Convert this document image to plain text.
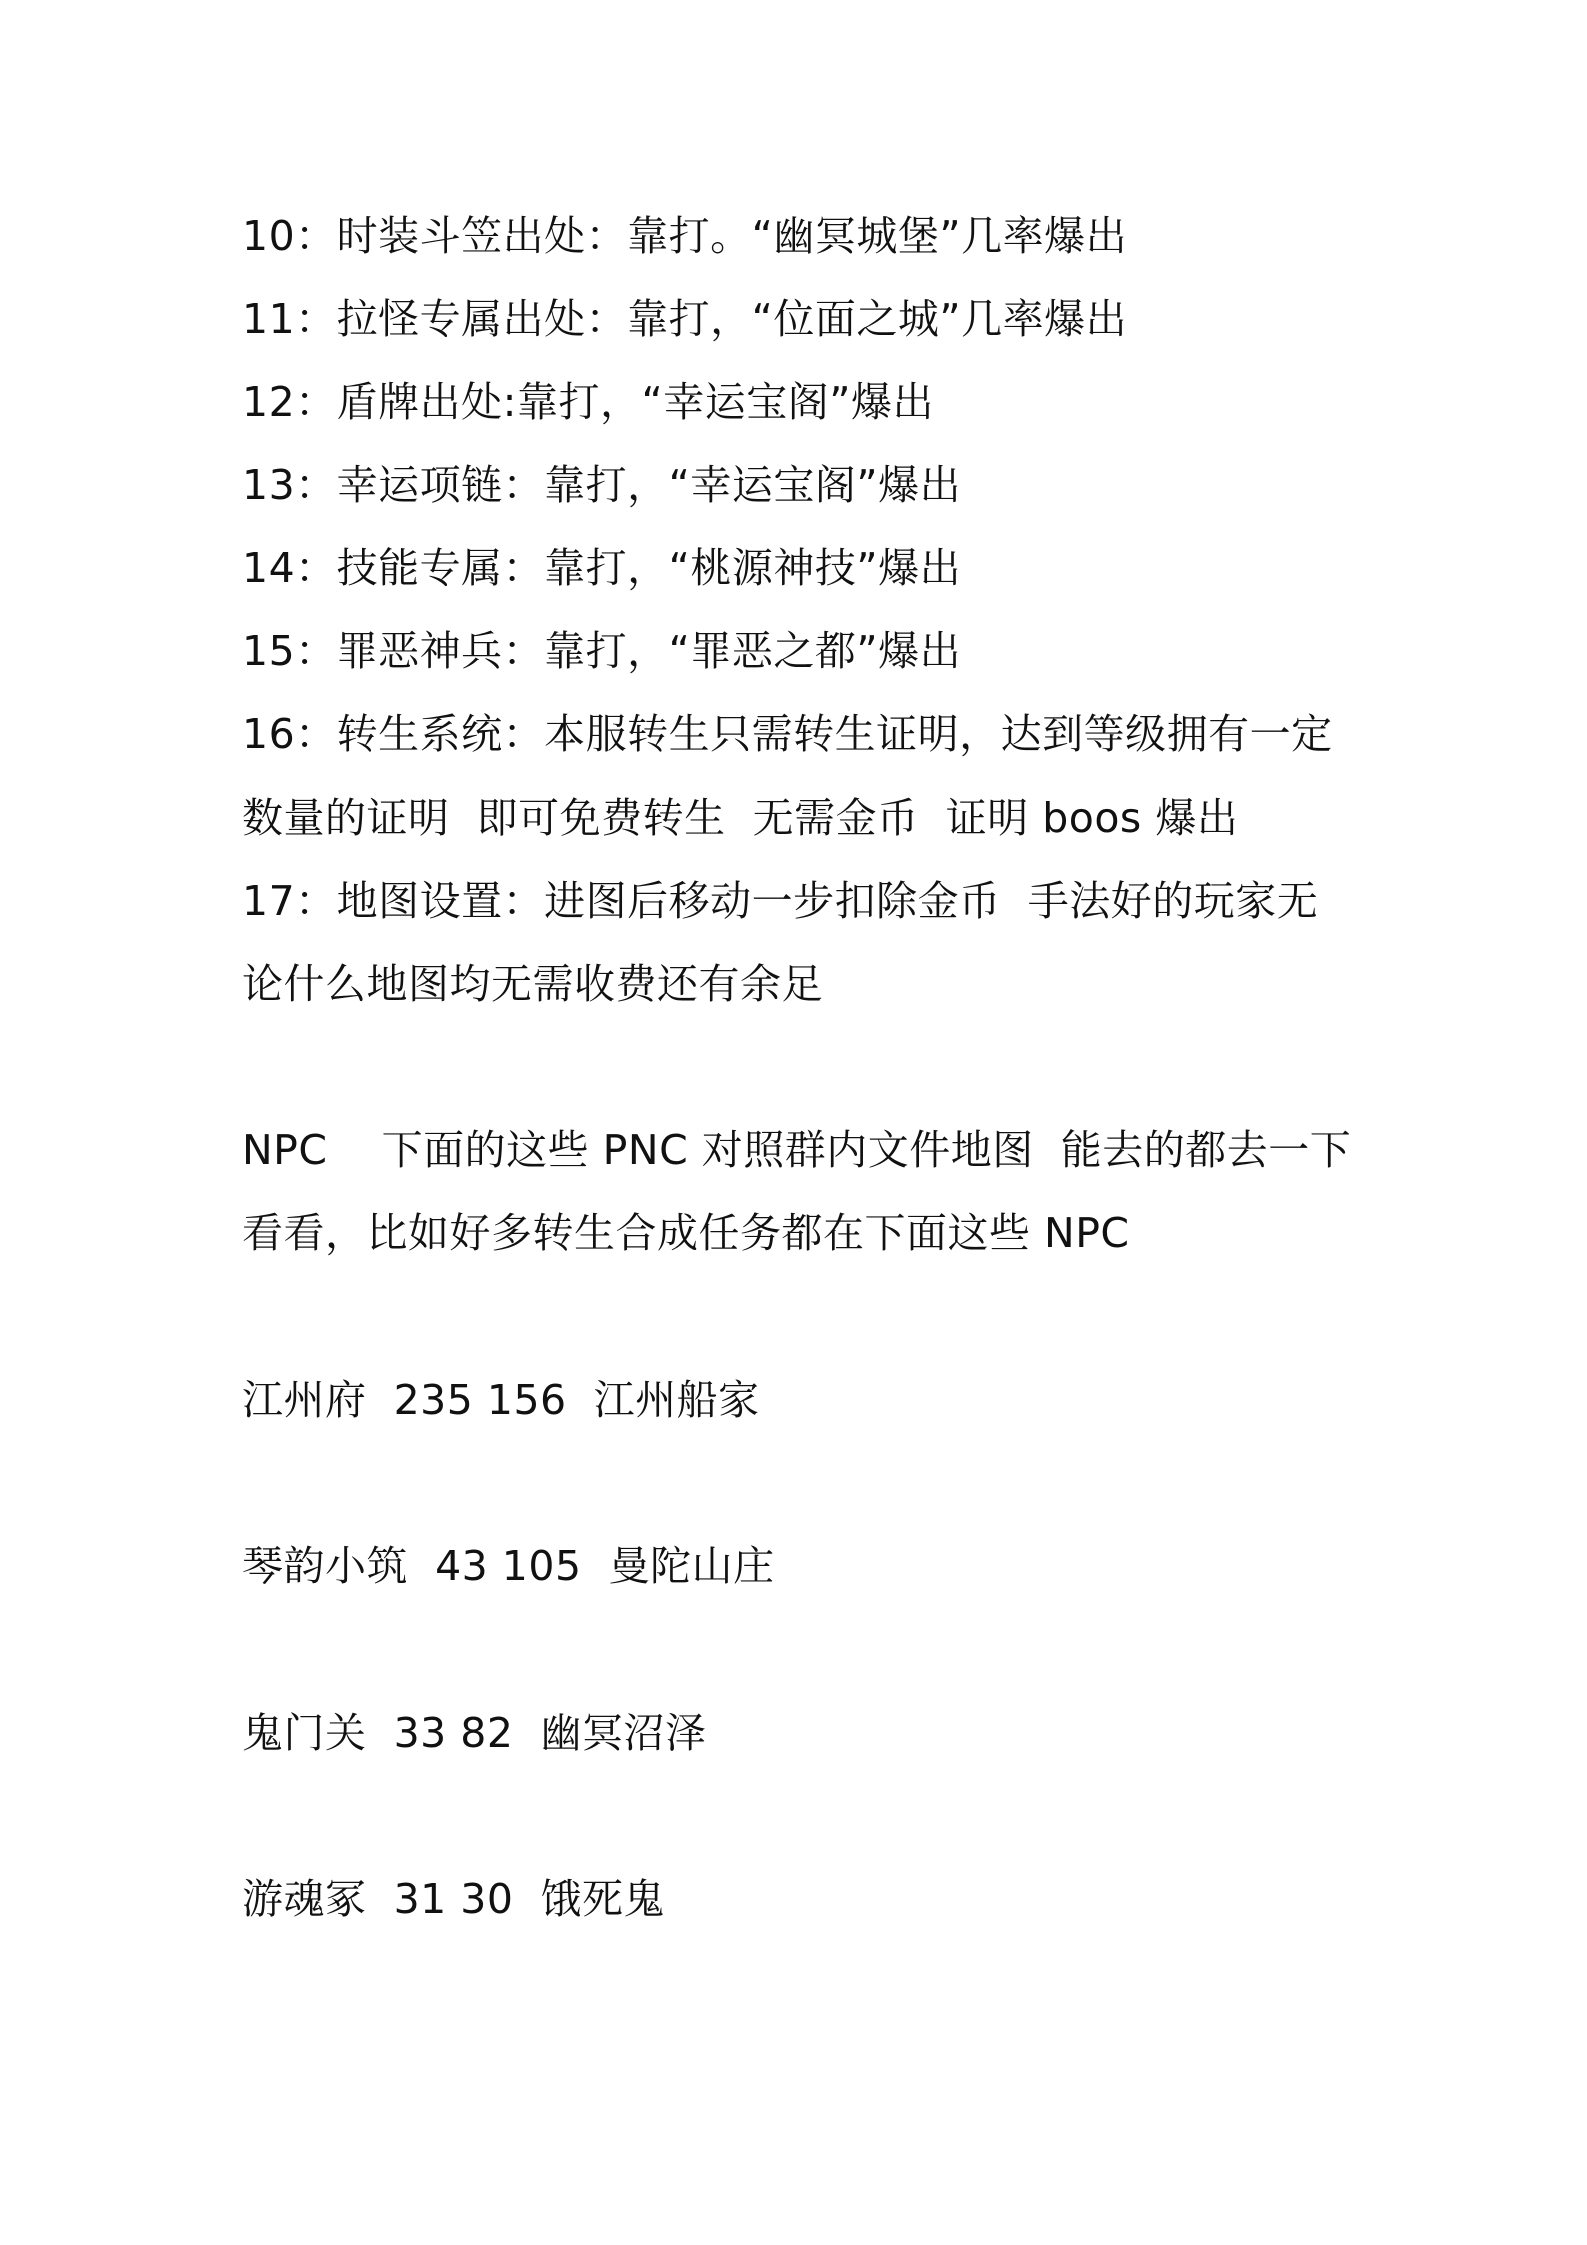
10：时装斗笠出处：靠打。“幽冥城堡”几率爆出
11：拉怪专属出处：靠打，“位面之城”几率爆出
12：盾牌出处:靠打，“幸运宝阁”爆出
13：幸运项链：靠打，“幸运宝阁”爆出
14：技能专属：靠打，“桃源神技”爆出
15：罪恶神兵：靠打，“罪恶之都”爆出
16：转生系统：本服转生只需转生证明，达到等级拥有一定
数量的证明  即可免费转生  无需金币  证明 boos 爆出
17：地图设置：进图后移动一步扣除金币  手法好的玩家无
论什么地图均无需收费还有余足
NPC    下面的这些 PNC 对照群内文件地图  能去的都去一下
看看，比如好多转生合成任务都在下面这些 NPC
江州府  235 156  江州船家
琴韵小筑  43 105  曼陀山庄
鬼门关  33 82  幽冥沼泽
游魂冢  31 30  饿死鬼
